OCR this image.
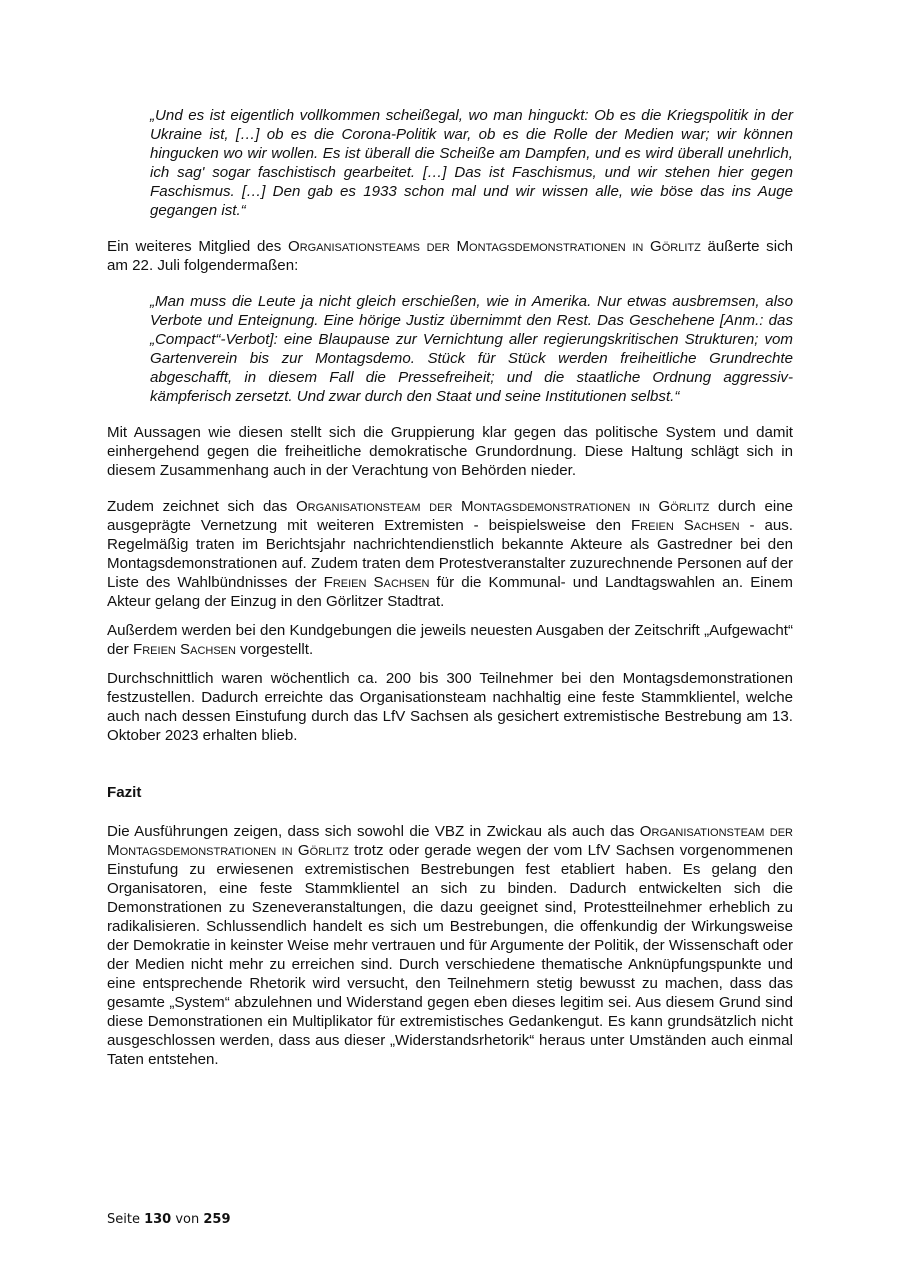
„Und es ist eigentlich vollkommen scheißegal, wo man hinguckt: Ob es die Kriegspolitik in der Ukraine ist, […] ob es die Corona-Politik war, ob es die Rolle der Medien war; wir können hingucken wo wir wollen. Es ist überall die Scheiße am Dampfen, und es wird überall unehrlich, ich sag' sogar faschistisch gearbeitet. […] Das ist Faschismus, und wir stehen hier gegen Faschismus. […] Den gab es 1933 schon mal und wir wissen alle, wie böse das ins Auge gegangen ist.“

Ein weiteres Mitglied des Organisationsteams der Montagsdemonstrationen in Görlitz äußerte sich am 22. Juli folgendermaßen:

„Man muss die Leute ja nicht gleich erschießen, wie in Amerika. Nur etwas ausbremsen, also Verbote und Enteignung. Eine hörige Justiz übernimmt den Rest. Das Geschehene [Anm.: das „Compact“-Verbot]: eine Blaupause zur Vernichtung aller regierungskritischen Strukturen; vom Gartenverein bis zur Montagsdemo. Stück für Stück werden freiheitliche Grundrechte abgeschafft, in diesem Fall die Pressefreiheit; und die staatliche Ordnung aggressiv-kämpferisch zersetzt. Und zwar durch den Staat und seine Institutionen selbst.“

Mit Aussagen wie diesen stellt sich die Gruppierung klar gegen das politische System und damit einhergehend gegen die freiheitliche demokratische Grundordnung. Diese Haltung schlägt sich in diesem Zusammenhang auch in der Verachtung von Behörden nieder.

Zudem zeichnet sich das Organisationsteam der Montagsdemonstrationen in Görlitz durch eine ausgeprägte Vernetzung mit weiteren Extremisten - beispielsweise den Freien Sachsen - aus. Regelmäßig traten im Berichtsjahr nachrichtendienstlich bekannte Akteure als Gastredner bei den Montagsdemonstrationen auf. Zudem traten dem Protestveranstalter zuzurechnende Personen auf der Liste des Wahlbündnisses der Freien Sachsen für die Kommunal- und Landtagswahlen an. Einem Akteur gelang der Einzug in den Görlitzer Stadtrat.

Außerdem werden bei den Kundgebungen die jeweils neuesten Ausgaben der Zeitschrift „Aufgewacht“ der Freien Sachsen vorgestellt.

Durchschnittlich waren wöchentlich ca. 200 bis 300 Teilnehmer bei den Montagsdemonstrationen festzustellen. Dadurch erreichte das Organisationsteam nachhaltig eine feste Stammklientel, welche auch nach dessen Einstufung durch das LfV Sachsen als gesichert extremistische Bestrebung am 13. Oktober 2023 erhalten blieb.

Fazit

Die Ausführungen zeigen, dass sich sowohl die VBZ in Zwickau als auch das Organisationsteam der Montagsdemonstrationen in Görlitz trotz oder gerade wegen der vom LfV Sachsen vorgenommenen Einstufung zu erwiesenen extremistischen Bestrebungen fest etabliert haben. Es gelang den Organisatoren, eine feste Stammklientel an sich zu binden. Dadurch entwickelten sich die Demonstrationen zu Szeneveranstaltungen, die dazu geeignet sind, Protestteilnehmer erheblich zu radikalisieren. Schlussendlich handelt es sich um Bestrebungen, die offenkundig der Wirkungsweise der Demokratie in keinster Weise mehr vertrauen und für Argumente der Politik, der Wissenschaft oder der Medien nicht mehr zu erreichen sind. Durch verschiedene thematische Anknüpfungspunkte und eine entsprechende Rhetorik wird versucht, den Teilnehmern stetig bewusst zu machen, dass das gesamte „System“ abzulehnen und Widerstand gegen eben dieses legitim sei. Aus diesem Grund sind diese Demonstrationen ein Multiplikator für extremistisches Gedankengut. Es kann grundsätzlich nicht ausgeschlossen werden, dass aus dieser „Widerstandsrhetorik“ heraus unter Umständen auch einmal Taten entstehen.

Seite 130 von 259
